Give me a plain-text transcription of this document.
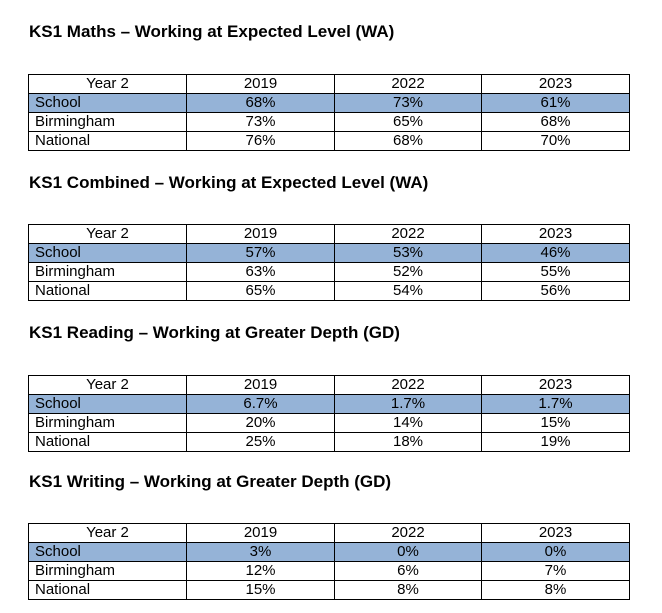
KS1 Maths – Working at Expected Level (WA)
Year 2	2019	2022	2023
School	68%	73%	61%
Birmingham	73%	65%	68%
National	76%	68%	70%
KS1 Combined – Working at Expected Level (WA)
Year 2	2019	2022	2023
School	57%	53%	46%
Birmingham	63%	52%	55%
National	65%	54%	56%
KS1 Reading – Working at Greater Depth (GD)
Year 2	2019	2022	2023
School	6.7%	1.7%	1.7%
Birmingham	20%	14%	15%
National	25%	18%	19%
KS1 Writing – Working at Greater Depth (GD)
Year 2	2019	2022	2023
School	3%	0%	0%
Birmingham	12%	6%	7%
National	15%	8%	8%
